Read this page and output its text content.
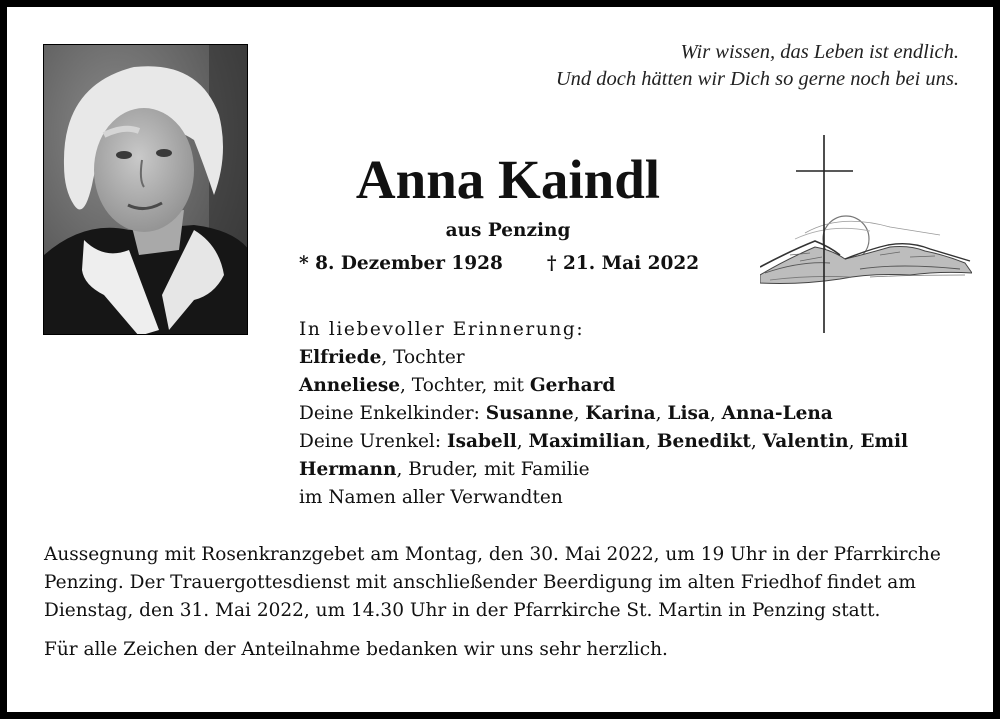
Wir wissen, das Leben ist endlich.
Und doch hätten wir Dich so gerne noch bei uns.
Anna Kaindl
aus Penzing
* 8. Dezember 1928 † 21. Mai 2022
In liebevoller Erinnerung:
Elfriede, Tochter
Anneliese, Tochter, mit Gerhard
Deine Enkelkinder: Susanne, Karina, Lisa, Anna-Lena
Deine Urenkel: Isabell, Maximilian, Benedikt, Valentin, Emil
Hermann, Bruder, mit Familie
im Namen aller Verwandten

Aussegnung mit Rosenkranzgebet am Montag, den 30. Mai 2022, um 19 Uhr in der Pfarrkirche Penzing. Der Trauergottesdienst mit anschließender Beerdigung im alten Friedhof findet am Dienstag, den 31. Mai 2022, um 14.30 Uhr in der Pfarrkirche St. Martin in Penzing statt.

Für alle Zeichen der Anteilnahme bedanken wir uns sehr herzlich.
